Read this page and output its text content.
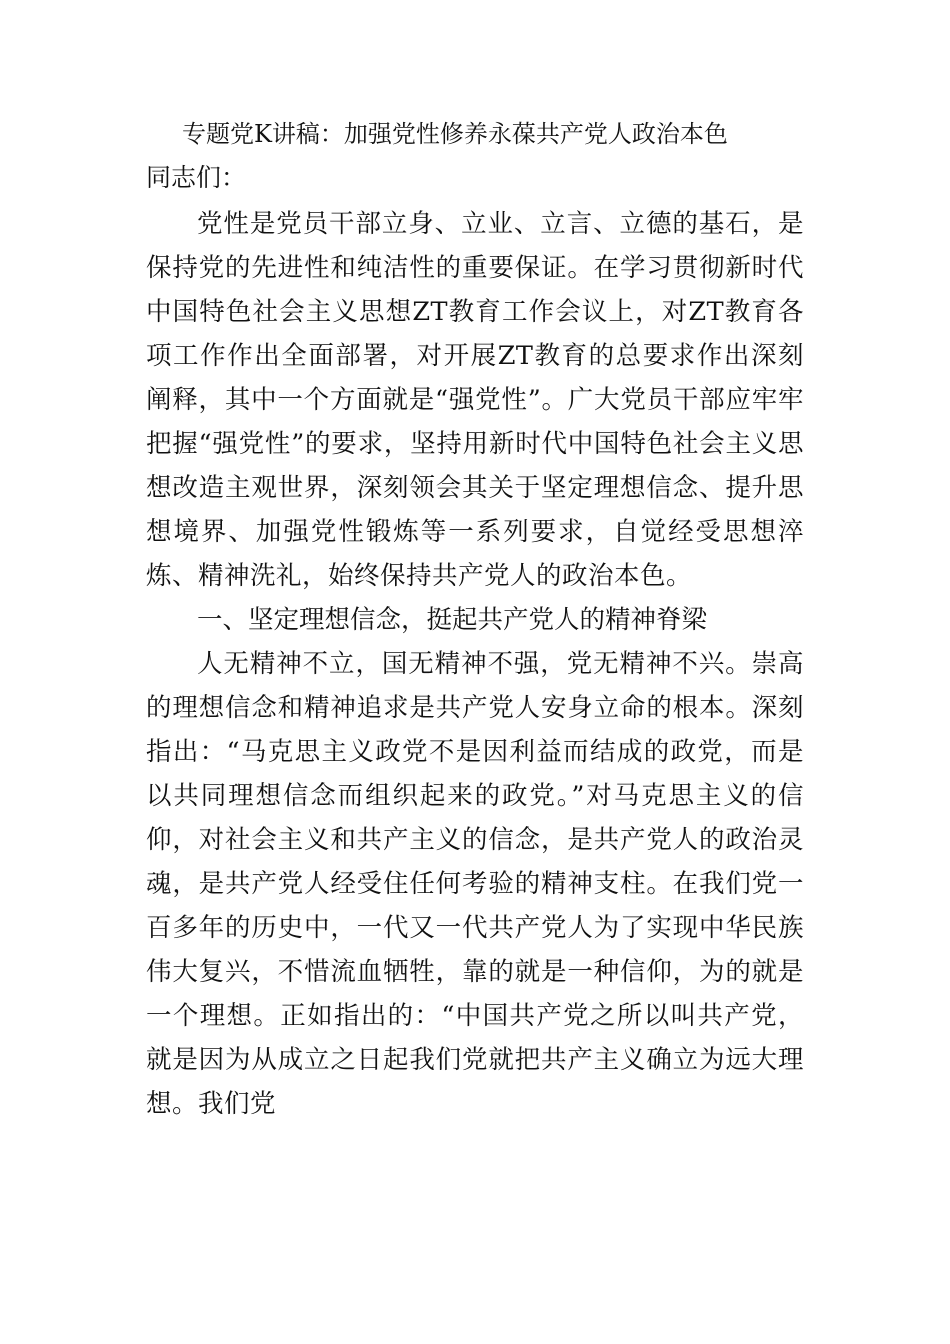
专题党K讲稿：加强党性修养永葆共产党人政治本色

同志们：

党性是党员干部立身、立业、立言、立德的基石，是保持党的先进性和纯洁性的重要保证。在学习贯彻新时代中国特色社会主义思想ZT教育工作会议上，对ZT教育各项工作作出全面部署，对开展ZT教育的总要求作出深刻阐释，其中一个方面就是“强党性”。广大党员干部应牢牢把握“强党性”的要求，坚持用新时代中国特色社会主义思想改造主观世界，深刻领会其关于坚定理想信念、提升思想境界、加强党性锻炼等一系列要求，自觉经受思想淬炼、精神洗礼，始终保持共产党人的政治本色。

一、坚定理想信念，挺起共产党人的精神脊梁

人无精神不立，国无精神不强，党无精神不兴。崇高的理想信念和精神追求是共产党人安身立命的根本。深刻指出：“马克思主义政党不是因利益而结成的政党，而是以共同理想信念而组织起来的政党。”对马克思主义的信仰，对社会主义和共产主义的信念，是共产党人的政治灵魂，是共产党人经受住任何考验的精神支柱。在我们党一百多年的历史中，一代又一代共产党人为了实现中华民族伟大复兴，不惜流血牺牲，靠的就是一种信仰，为的就是一个理想。正如指出的：“中国共产党之所以叫共产党，就是因为从成立之日起我们党就把共产主义确立为远大理想。我们党
